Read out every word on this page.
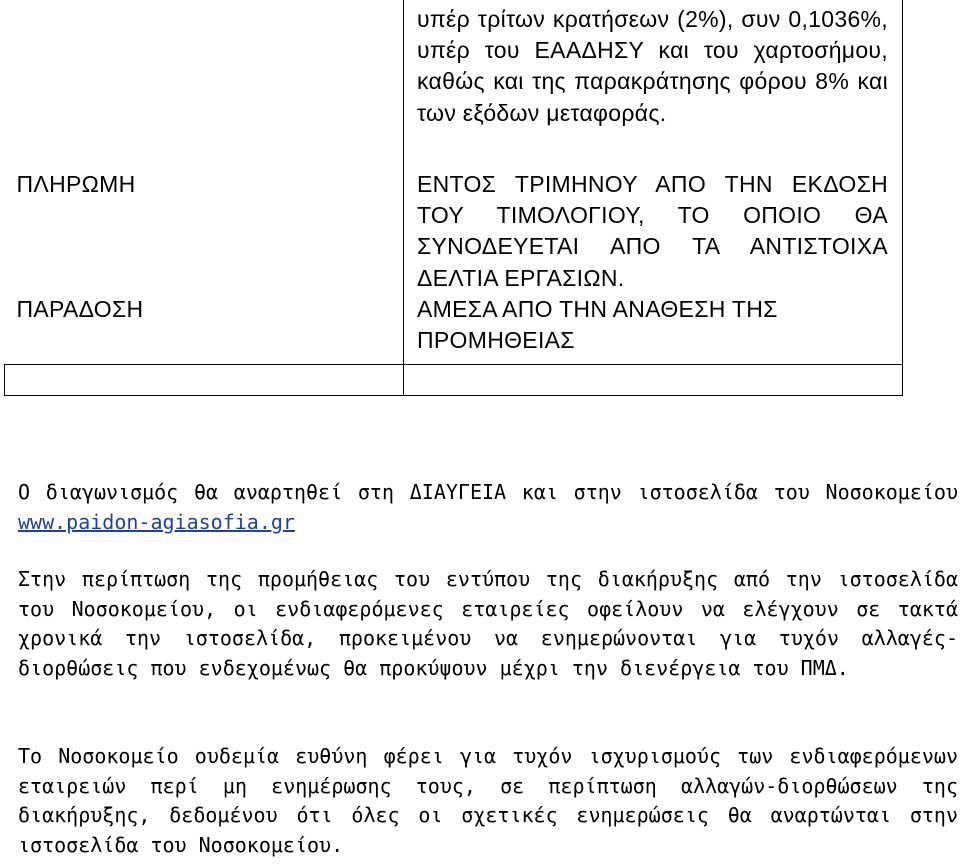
	υπέρ τρίτων κρατήσεων (2%), συν 0,1036%, υπέρ του ΕΑΑΔΗΣΥ και του χαρτοσήμου, καθώς και της παρακράτησης φόρου 8% και των εξόδων μεταφοράς.

ΠΛΗΡΩΜΗ	ΕΝΤΟΣ ΤΡΙΜΗΝΟΥ ΑΠΟ ΤΗΝ ΕΚΔΟΣΗ ΤΟΥ ΤΙΜΟΛΟΓΙΟΥ, ΤΟ ΟΠΟΙΟ ΘΑ ΣΥΝΟΔΕΥΕΤΑΙ ΑΠΟ ΤΑ ΑΝΤΙΣΤΟΙΧΑ ΔΕΛΤΙΑ ΕΡΓΑΣΙΩΝ.

ΠΑΡΑΔΟΣΗ	ΑΜΕΣΑ ΑΠΟ ΤΗΝ ΑΝΑΘΕΣΗ ΤΗΣ ΠΡΟΜΗΘΕΙΑΣ

Ο διαγωνισμός θα αναρτηθεί στη ΔΙΑΥΓΕΙΑ και στην ιστοσελίδα του Νοσοκομείου www.paidon-agiasofia.gr

Στην περίπτωση της προμήθειας του εντύπου της διακήρυξης από την ιστοσελίδα του Νοσοκομείου, οι ενδιαφερόμενες εταιρείες οφείλουν να ελέγχουν σε τακτά χρονικά την ιστοσελίδα, προκειμένου να ενημερώνονται για τυχόν αλλαγές-διορθώσεις που ενδεχομένως θα προκύψουν μέχρι την διενέργεια του ΠΜΔ.

Το Νοσοκομείο ουδεμία ευθύνη φέρει για τυχόν ισχυρισμούς των ενδιαφερόμενων εταιρειών περί μη ενημέρωσης τους, σε περίπτωση αλλαγών-διορθώσεων της διακήρυξης, δεδομένου ότι όλες οι σχετικές ενημερώσεις θα αναρτώνται στην ιστοσελίδα του Νοσοκομείου.
